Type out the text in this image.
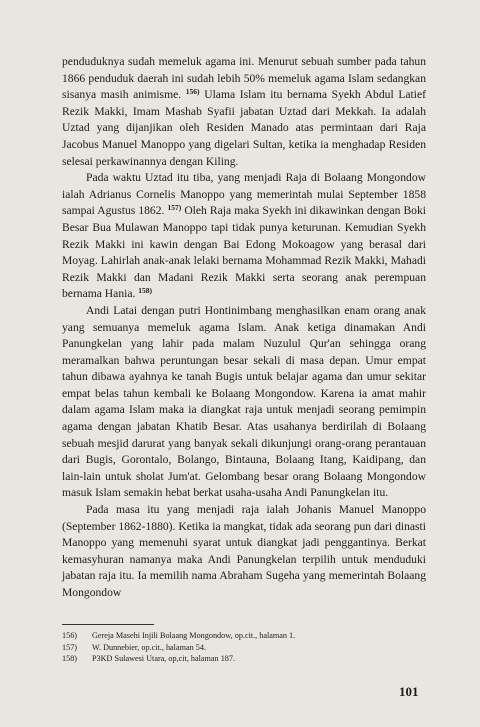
penduduknya sudah memeluk agama ini. Menurut sebuah sumber pada tahun 1866 penduduk daerah ini sudah lebih 50% memeluk agama Islam sedangkan sisanya masih animisme. $^{156)}$ Ulama Islam itu bernama Syekh Abdul Latief Rezik Makki, Imam Mashab Syafii jabatan Uztad dari Mekkah. Ia adalah Uztad yang dijanjikan oleh Residen Manado atas permintaan dari Raja Jacobus Manuel Manoppo yang digelari Sultan, ketika ia menghadap Residen selesai perkawinannya dengan Kiling.

Pada waktu Uztad itu tiba, yang menjadi Raja di Bolaang Mongondow ialah Adrianus Cornelis Manoppo yang memerintah mulai September 1858 sampai Agustus 1862. $^{157)}$ Oleh Raja maka Syekh ini dikawinkan dengan Boki Besar Bua Mulawan Manoppo tapi tidak punya keturunan. Kemudian Syekh Rezik Makki ini kawin dengan Bai Edong Mokoagow yang berasal dari Moyag. Lahirlah anak-anak lelaki bernama Mohammad Rezik Makki, Mahadi Rezik Makki dan Madani Rezik Makki serta seorang anak perempuan bernama Hania. $^{158)}$

Andi Latai dengan putri Hontinimbang menghasilkan enam orang anak yang semuanya memeluk agama Islam. Anak ketiga dinamakan Andi Panungkelan yang lahir pada malam Nuzulul Qur'an sehingga orang meramalkan bahwa peruntungan besar sekali di masa depan. Umur empat tahun dibawa ayahnya ke tanah Bugis untuk belajar agama dan umur sekitar empat belas tahun kembali ke Bolaang Mongondow. Karena ia amat mahir dalam agama Islam maka ia diangkat raja untuk menjadi seorang pemimpin agama dengan jabatan Khatib Besar. Atas usahanya berdirilah di Bolaang sebuah mesjid darurat yang banyak sekali dikunjungi orang-orang perantauan dari Bugis, Gorontalo, Bolango, Bintauna, Bolaang Itang, Kaidipang, dan lain-lain untuk sholat Jum'at. Gelombang besar orang Bolaang Mongondow masuk Islam semakin hebat berkat usaha-usaha Andi Panungkelan itu.

Pada masa itu yang menjadi raja ialah Johanis Manuel Manoppo (September 1862-1880). Ketika ia mangkat, tidak ada seorang pun dari dinasti Manoppo yang memenuhi syarat untuk diangkat jadi penggantinya. Berkat kemasyhuran namanya maka Andi Panungkelan terpilih untuk menduduki jabatan raja itu. Ia memilih nama Abraham Sugeha yang memerintah Bolaang Mongondow

156)	Gereja Masehi Injili Bolaang Mongondow, op.cit., halaman 1.
157)	W. Dunnebier, op.cit., halaman 54.
158)	P3KD Sulawesi Utara, op,cit, halaman 187.
101
